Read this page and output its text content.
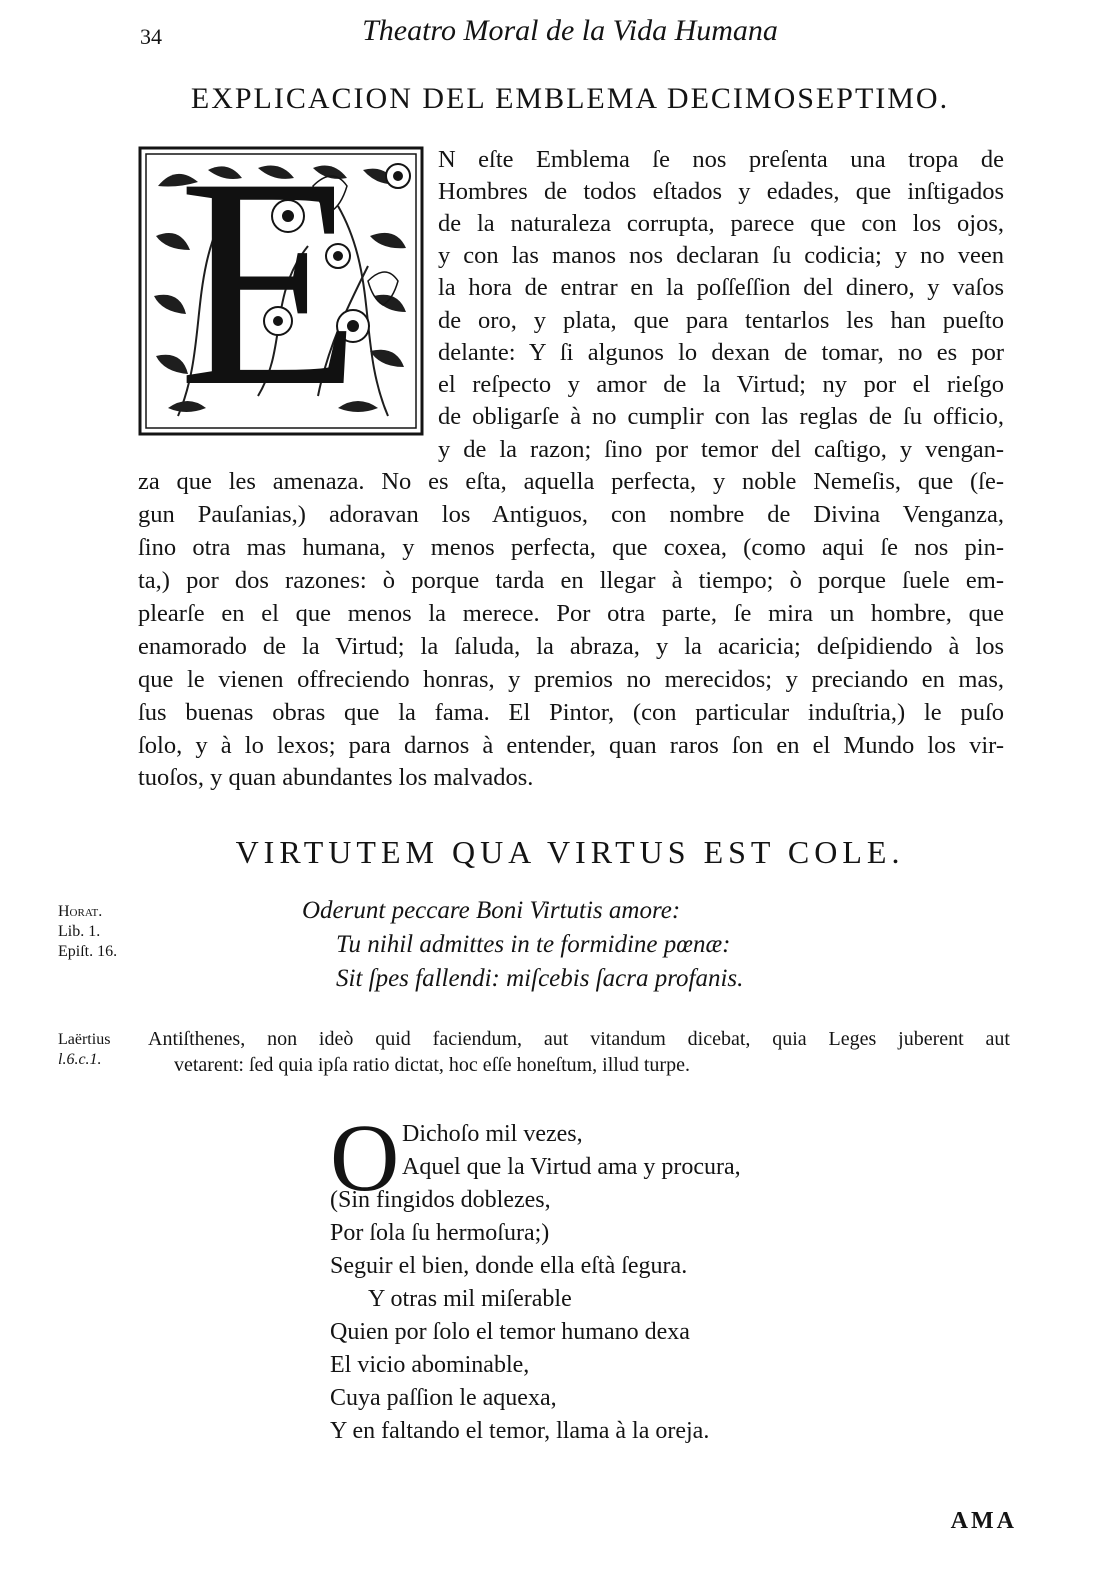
34	Theatro Moral de la Vida Humana
EXPLICACION DEL EMBLEMA DECIMOSEPTIMO.
E	N eſte Emblema ſe nos preſenta una tropa de
Hombres de todos eſtados y edades, que inſtigados
de la naturaleza corrupta, parece que con los ojos,
y con las manos nos declaran ſu codicia; y no veen
la hora de entrar en la poſſeſſion del dinero, y vaſos
de oro, y plata, que para tentarlos les han pueſto
delante: Y ſi algunos lo dexan de tomar, no es por
el reſpecto y amor de la Virtud; ny por el rieſgo
de obligarſe à no cumplir con las reglas de ſu officio,
y de la razon; ſino por temor del caſtigo, y vengan-
za que les amenaza. No es eſta, aquella perfecta, y noble Nemeſis, que (ſe-
gun Pauſanias,) adoravan los Antiguos, con nombre de Divina Venganza,
ſino otra mas humana, y menos perfecta, que coxea, (como aqui ſe nos pin-
ta,) por dos razones: ò porque tarda en llegar à tiempo; ò porque ſuele em-
plearſe en el que menos la merece. Por otra parte, ſe mira un hombre, que
enamorado de la Virtud; la ſaluda, la abraza, y la acaricia; deſpidiendo à los
que le vienen offreciendo honras, y premios no merecidos; y preciando en mas,
ſus buenas obras que la fama. El Pintor, (con particular induſtria,) le puſo
ſolo, y à lo lexos; para darnos à entender, quan raros ſon en el Mundo los vir-
tuoſos, y quan abundantes los malvados.
VIRTUTEM QUA VIRTUS EST COLE.
Horat.
Lib. 1.
Epiſt. 16.
Oderunt peccare Boni Virtutis amore:
Tu nihil admittes in te formidine pœnæ:
Sit ſpes fallendi: miſcebis ſacra profanis.
Laërtius
l.6.c.1.
Antiſthenes, non ideò quid faciendum, aut vitandum dicebat, quia Leges juberent aut
vetarent: ſed quia ipſa ratio dictat, hoc eſſe honeſtum, illud turpe.
O Dichoſo mil vezes,
Aquel que la Virtud ama y procura,
(Sin fingidos doblezes,
Por ſola ſu hermoſura;)
Seguir el bien, donde ella eſtà ſegura.
Y otras mil miſerable
Quien por ſolo el temor humano dexa
El vicio abominable,
Cuya paſſion le aquexa,
Y en faltando el temor, llama à la oreja.
AMA
